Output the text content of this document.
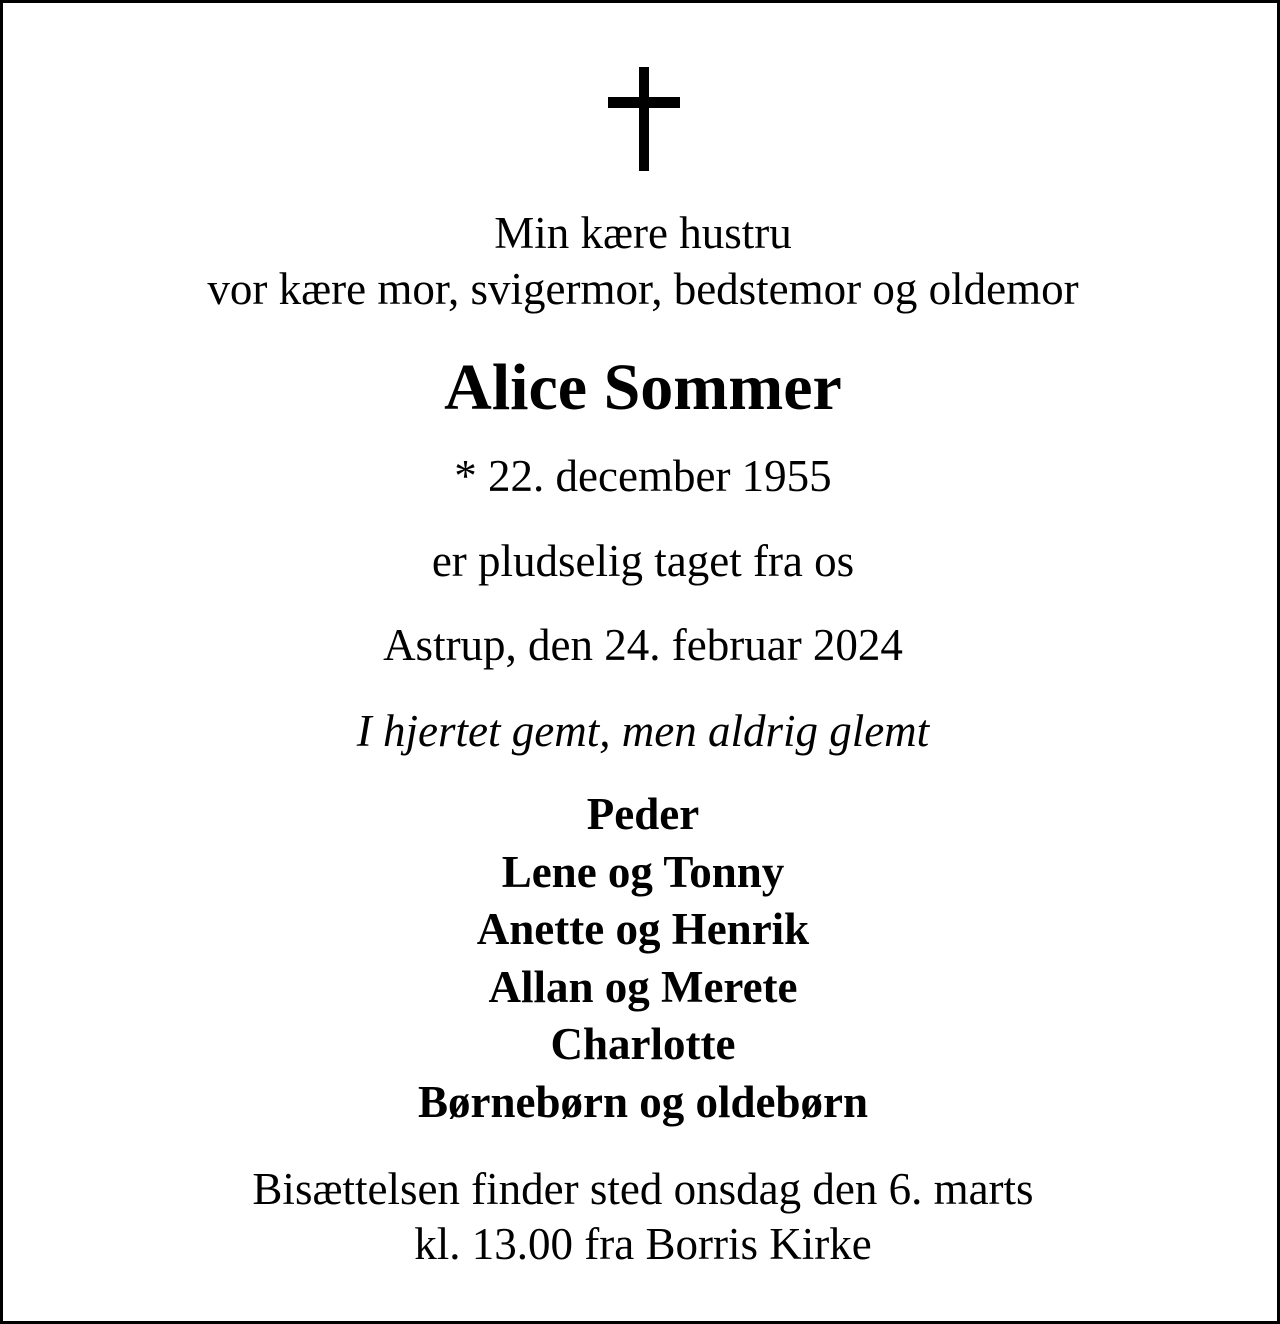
Min kære hustru
vor kære mor, svigermor, bedstemor og oldemor
Alice Sommer
* 22. december 1955
er pludselig taget fra os
Astrup, den 24. februar 2024
I hjertet gemt, men aldrig glemt
Peder
Lene og Tonny
Anette og Henrik
Allan og Merete
Charlotte
Børnebørn og oldebørn
Bisættelsen finder sted onsdag den 6. marts
kl. 13.00 fra Borris Kirke
